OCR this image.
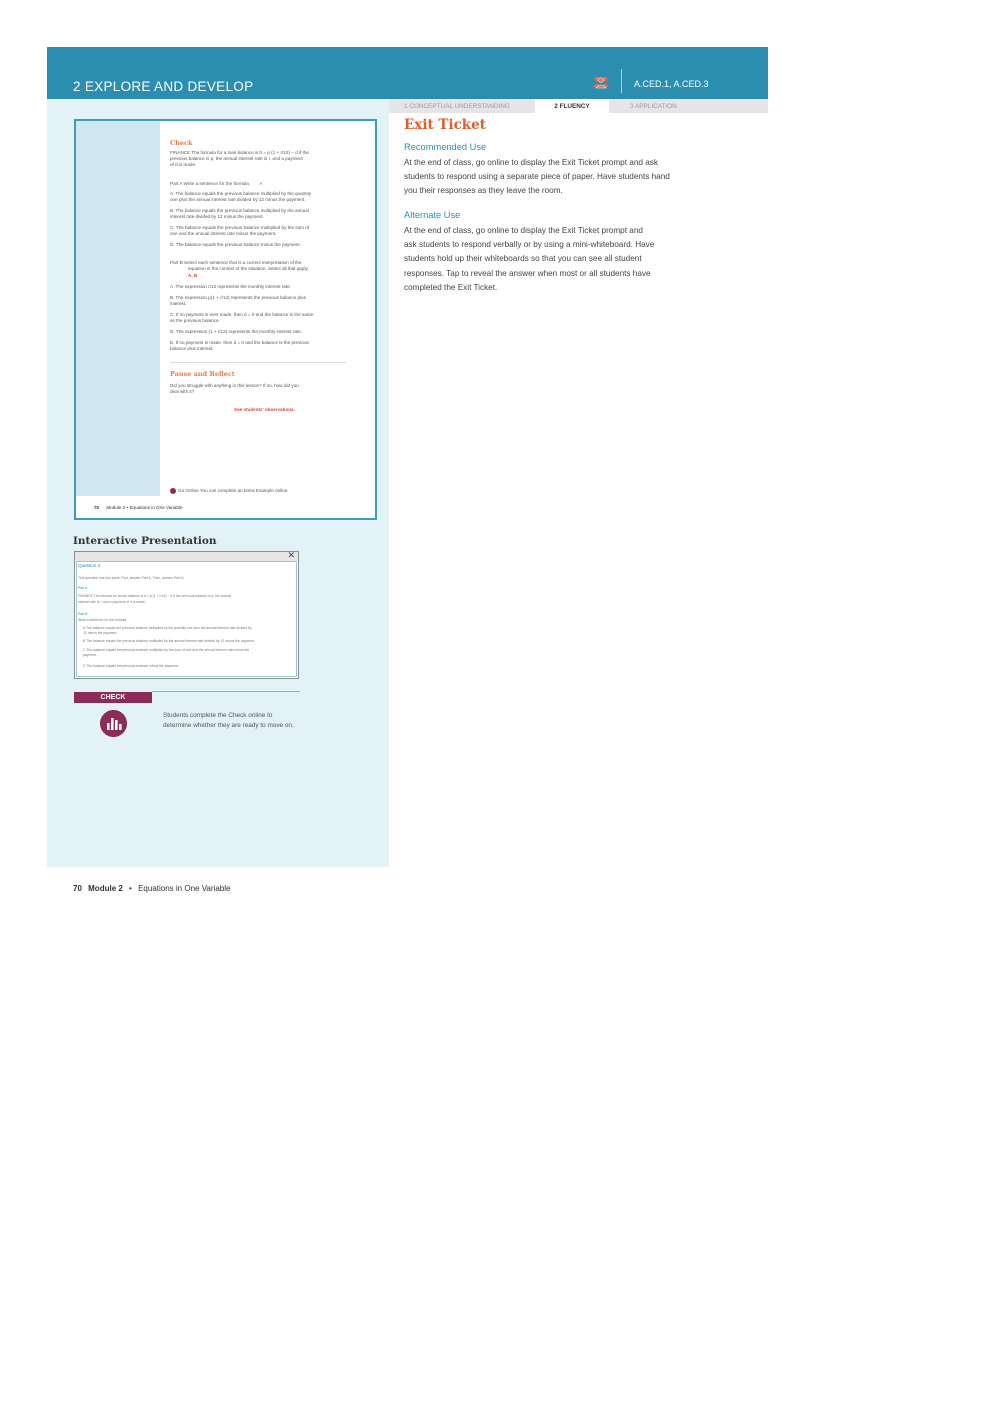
2 EXPLORE AND DEVELOP	A.CED.1, A.CED.3
Check
FINANCE The formula for a loan balance is b = p (1 + r/12) − d if the
previous balance is p, the annual interest rate is r, and a payment
of d is made.
Part A Write a sentence for the formula. A
A. The balance equals the previous balance multiplied by the quantity
one plus the annual interest rate divided by 12 minus the payment.
B. The balance equals the previous balance multiplied by the annual
interest rate divided by 12 minus the payment.
C. The balance equals the previous balance multiplied by the sum of
one and the annual interest rate minus the payment.
D. The balance equals the previous balance minus the payment.
Part B Select each sentence that is a correct interpretation of the
equation in the context of the situation. Select all that apply.
A, B
A. The expression r/12 represents the monthly interest rate.
B. The expression p(1 + r/12) represents the previous balance plus
interest.
C. If no payment is ever made, then d = 0 and the balance is the same
as the previous balance.
D. The expression (1 + r/12) represents the monthly interest rate.
E. If no payment is made, then d = 0 and the balance is the previous
balance plus interest.
Pause and Reflect
Did you struggle with anything in this lesson? If so, how did you
deal with it?
See students' observations.
Go Online You can complete an Extra Example online.
70 Module 2 • Equations in One Variable
Interactive Presentation
✕
Question 3
This question has two parts. First, answer Part A. Then, answer Part B.
Part A
FINANCE The formula for a loan balance is b = p (1 + r/12) − d if the previous balance is p, the annual
interest rate is r, and a payment of d is made.
Part B
Write a sentence for the formula.
A The balance equals the previous balance multiplied by the quantity one plus the annual interest rate divided by
12 minus the payment.
B The balance equals the previous balance multiplied by the annual interest rate divided by 12 minus the payment.
C The balance equals the previous balance multiplied by the sum of one and the annual interest rate minus the
payment.
D The balance equals the previous balance minus the payment.
CHECK
Students complete the Check online to determine whether they are ready to move on.
70 Module 2 • Equations in One Variable
1 CONCEPTUAL UNDERSTANDING	2 FLUENCY	3 APPLICATION
Exit Ticket
Recommended Use
At the end of class, go online to display the Exit Ticket prompt and ask
students to respond using a separate piece of paper. Have students hand
you their responses as they leave the room.
Alternate Use
At the end of class, go online to display the Exit Ticket prompt and
ask students to respond verbally or by using a mini-whiteboard. Have
students hold up their whiteboards so that you can see all student
responses. Tap to reveal the answer when most or all students have
completed the Exit Ticket.
